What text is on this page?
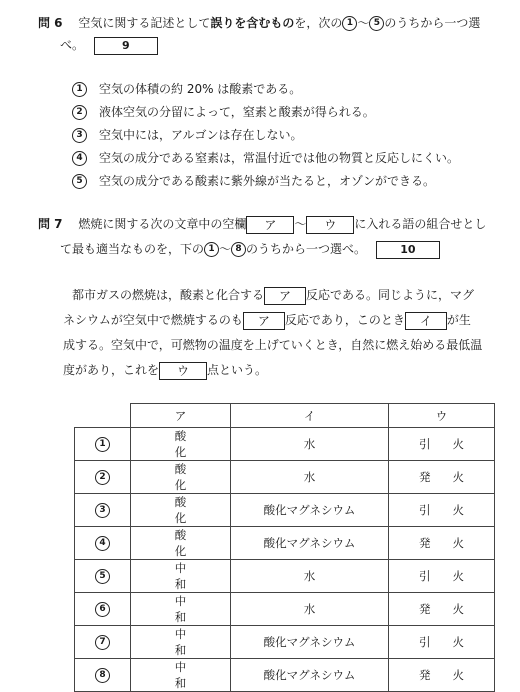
問 6 空気に関する記述として誤りを含むものを，次の 1 〜 5 のうちから一つ選
べ。	9
1 空気の体積の約 20% は酸素である。
2 液体空気の分留によって，窒素と酸素が得られる。
3 空気中には，アルゴンは存在しない。
4 空気の成分である窒素は，常温付近では他の物質と反応しにくい。
5 空気の成分である酸素に紫外線が当たると，オゾンができる。
問 7 燃焼に関する次の文章中の空欄 ア 〜 ウ に入れる語の組合せとし
て最も適当なものを，下の 1 〜 8 のうちから一つ選べ。	10
都市ガスの燃焼は，酸素と化合する ア 反応である。同じように，マグ
ネシウムが空気中で燃焼するのも ア 反応であり，このとき イ が生
成する。空気中で，可燃物の温度を上げていくとき，自然に燃え始める最低温
度があり，これを ウ 点という。
	ア	イ	ウ
1	酸化	水	引火
2	酸化	水	発火
3	酸化	酸化マグネシウム	引火
4	酸化	酸化マグネシウム	発火
5	中和	水	引火
6	中和	水	発火
7	中和	酸化マグネシウム	引火
8	中和	酸化マグネシウム	発火
